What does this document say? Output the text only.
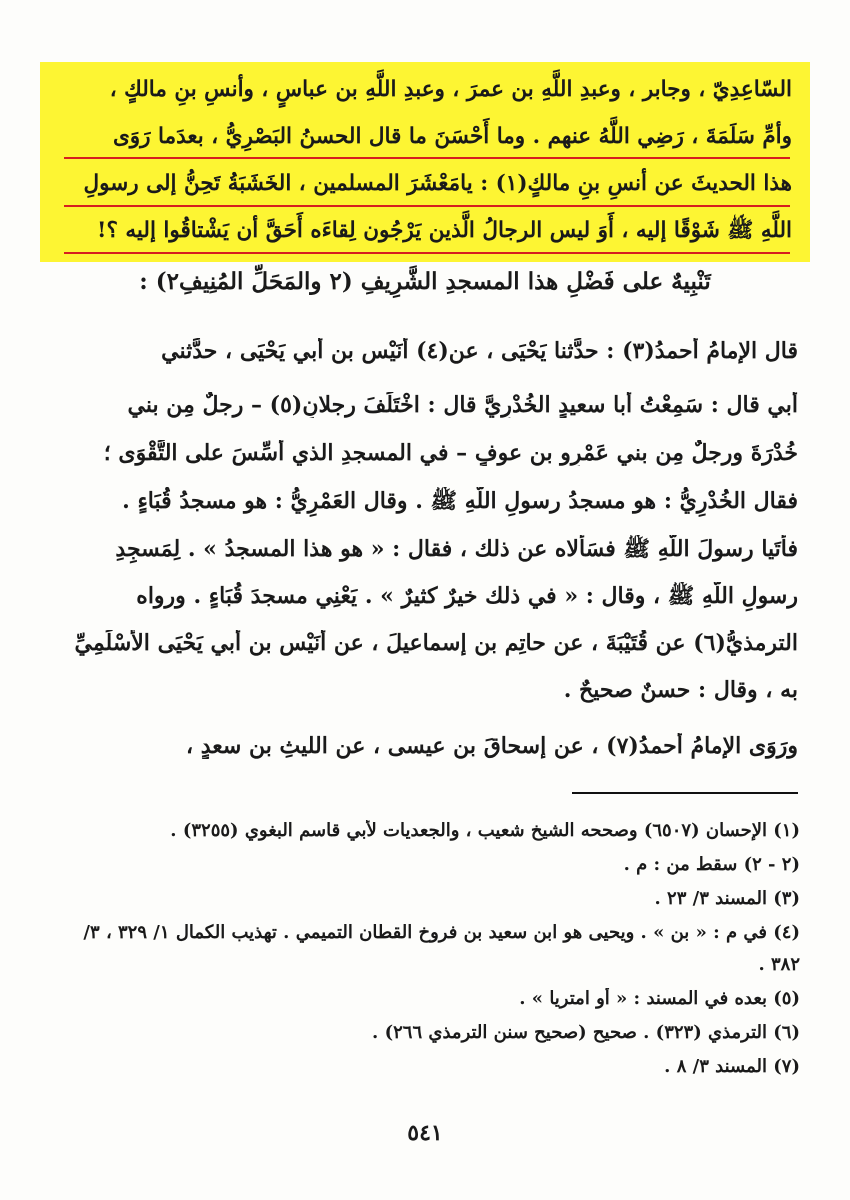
السّاعِدِيّ ، وجابر ، وعبدِ اللَّهِ بن عمرَ ، وعبدِ اللَّهِ بن عباسٍ ، وأنسِ بنِ مالكٍ ،
وأمِّ سَلَمَةَ ، رَضِي اللَّهُ عنهم . وما أَحْسَنَ ما قال الحسنُ البَصْرِيُّ ، بعدَما رَوَى
هذا الحديثَ عن أنسِ بنِ مالكٍ(١) : يامَعْشَرَ المسلمين ، الخَشَبَةُ تَحِنُّ إلى رسولِ
اللَّهِ ﷺ شَوْقًا إليه ، أَوَ ليس الرجالُ الَّذين يَرْجُون لِقاءَه أَحَقَّ أن يَشْتاقُوا إليه ؟!
تَنْبِيهٌ على فَضْلِ هذا المسجدِ الشَّرِيفِ (٢ والمَحَلِّ المُنِيفِ٢) :
قال الإمامُ أحمدُ(٣) : حدَّثنا يَحْيَى ، عن(٤) أُنَيْسِ بن أبي يَحْيَى ، حدَّثني
أبي قال : سَمِعْتُ أبا سعيدٍ الخُدْرِيَّ قال : اخْتَلَفَ رجلانِ(٥) – رجلٌ مِن بني
خُدْرَةَ ورجلٌ مِن بني عَمْرِو بنِ عوفٍ – في المسجدِ الذي أُسِّسَ على التَّقْوَى ؛
فقال الخُدْرِيُّ : هو مسجدُ رسولِ اللَّهِ ﷺ . وقال العَمْرِيُّ : هو مسجدُ قُبَاءٍ .
فأتَيا رسولَ اللَّهِ ﷺ فسَأَلاه عن ذلك ، فقال : « هو هذا المسجدُ » . لِمَسجِدِ
رسولِ اللَّهِ ﷺ ، وقال : « في ذلك خيرٌ كثيرٌ » . يَعْنِي مسجدَ قُبَاءٍ . ورواه
الترمذيُّ(٦) عن قُتَيْبَةَ ، عن حاتِمِ بنِ إسماعيلَ ، عن أُنَيْسِ بنِ أبي يَحْيَى الأَسْلَمِيِّ
به ، وقال : حسنٌ صحيحٌ .
ورَوَى الإمامُ أحمدُ(٧) ، عن إسحاقَ بنِ عيسى ، عن الليثِ بنِ سعدٍ ،
(١) الإحسان (٦٥٠٧) وصححه الشيخ شعيب ، والجعديات لأبي قاسم البغوي (٣٢٥٥) .
(٢ - ٢) سقط من : م .
(٣) المسند ٣/ ٢٣ .
(٤) في م : « بن » . ويحيى هو ابن سعيد بن فروخ القطان التميمي . تهذيب الكمال ١/ ٣٢٩ ، ٣/
٣٨٢ .
(٥) بعده في المسند : « أو امتريا » .
(٦) الترمذي (٣٢٣) . صحيح (صحيح سنن الترمذي ٢٦٦) .
(٧) المسند ٣/ ٨ .
٥٤١
